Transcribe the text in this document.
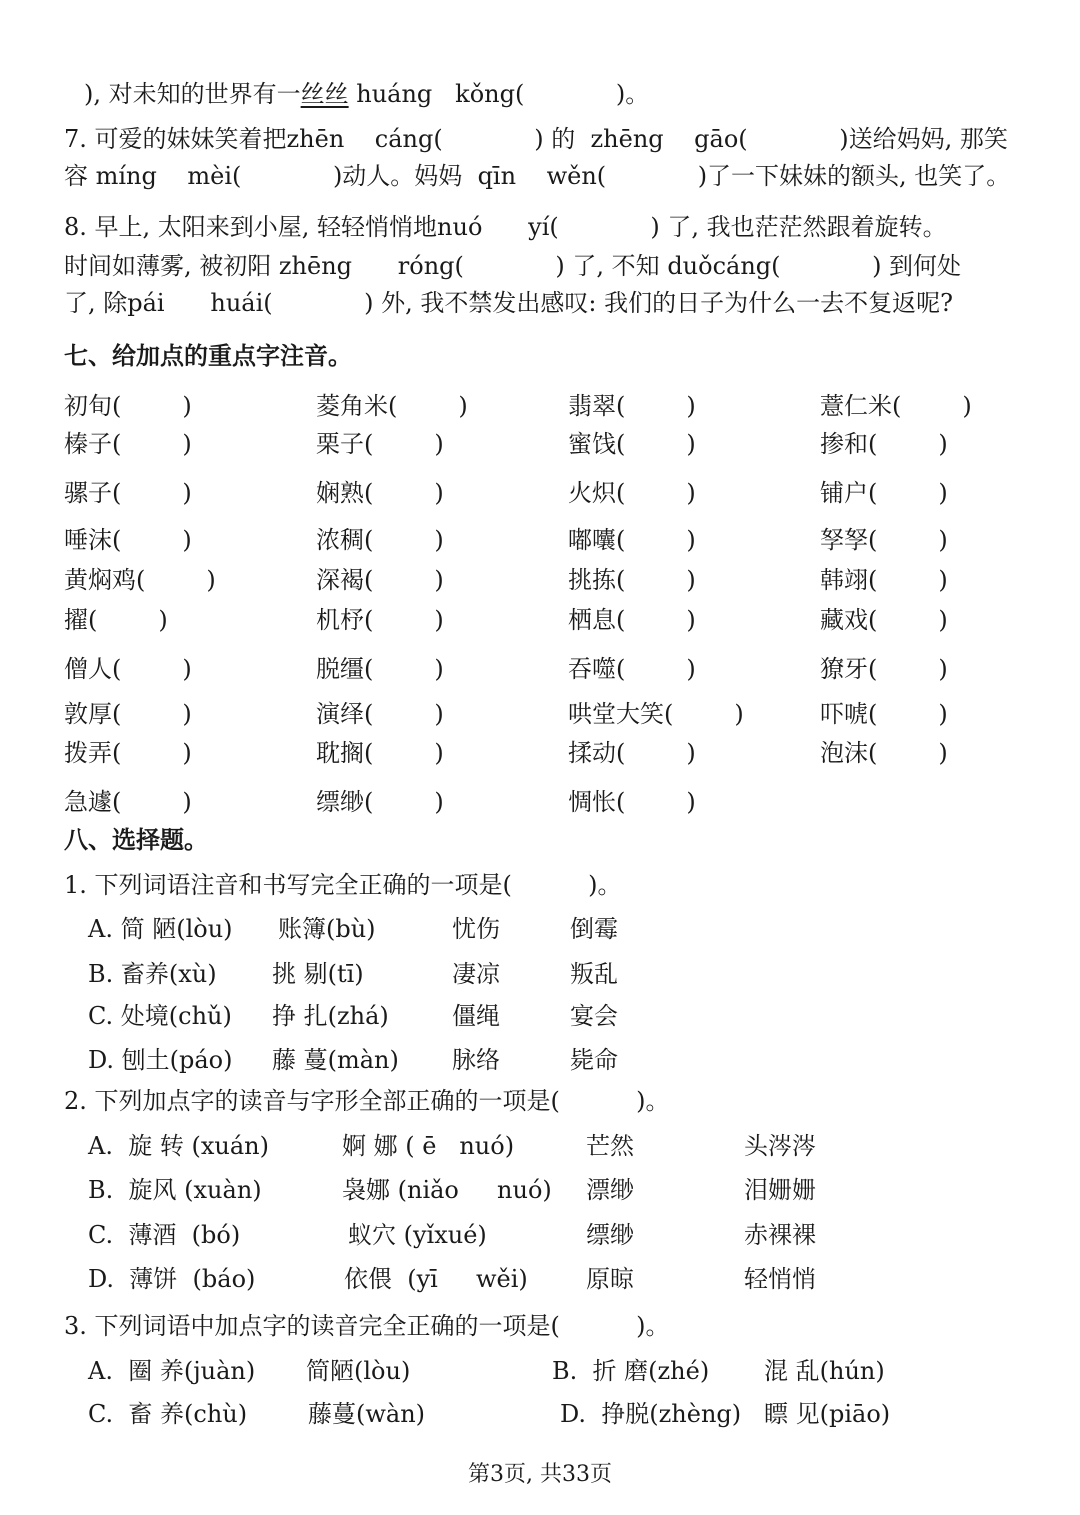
), 对未知的世界有一丝丝 huáng   kǒng(            )。
7. 可爱的妹妹笑着把zhēn    cáng(            ) 的  zhēng    gāo(            )送给妈妈, 那笑
容 míng    mèi(            )动人。妈妈  qīn    wěn(            )了一下妹妹的额头, 也笑了。
8. 早上, 太阳来到小屋, 轻轻悄悄地nuó      yí(            ) 了, 我也茫茫然跟着旋转。
时间如薄雾, 被初阳 zhēng      róng(            ) 了, 不知 duǒcáng(            ) 到何处
了, 除pái      huái(            ) 外, 我不禁发出感叹: 我们的日子为什么一去不复返呢?
七、给加点的重点字注音。
初旬(        )	菱角米(        )	翡翠(        )	薏仁米(        )
榛子(        )	栗子(        )	蜜饯(        )	掺和(        )
骡子(        )	娴熟(        )	火炽(        )	铺户(        )
唾沫(        )	浓稠(        )	嘟囔(        )	孥孥(        )
黄焖鸡(        )	深褐(        )	挑拣(        )	韩翊(        )
擢(        )	机杼(        )	栖息(        )	藏戏(        )
僧人(        )	脱缰(        )	吞噬(        )	獠牙(        )
敦厚(        )	演绎(        )	哄堂大笑(        )	吓唬(        )
拨弄(        )	耽搁(        )	揉动(        )	泡沫(        )
急遽(        )	缥缈(        )	惆怅(        )
八、选择题。
1. 下列词语注音和书写完全正确的一项是(          )。
A. 简 陋(lòu) 账簿(bù)	忧伤	倒霉
B. 畜养(xù) 挑 剔(tī)	凄凉	叛乱
C. 处境(chǔ) 挣 扎(zhá)	僵绳	宴会
D. 刨土(páo) 藤 蔓(màn) 脉络	毙命
2. 下列加点字的读音与字形全部正确的一项是(          )。
A.  旋 转 (xuán)	婀 娜 ( ē   nuó)	芒然	头涔涔
B.  旋风 (xuàn)	袅娜 (niǎo     nuó) 漂缈	泪姗姗
C.  薄酒  (bó)	蚁穴 (yǐxué)	缥缈	赤裸裸
D.  薄饼  (báo)	依偎  (yī     wěi) 原晾	轻悄悄
3. 下列词语中加点字的读音完全正确的一项是(          )。
A.  圈 养(juàn) 简陋(lòu)	B.  折 磨(zhé) 混 乱(hún)
C.  畜 养(chù)	藤蔓(wàn)	D.  挣脱(zhèng) 瞟 见(piāo)
第3页, 共33页
